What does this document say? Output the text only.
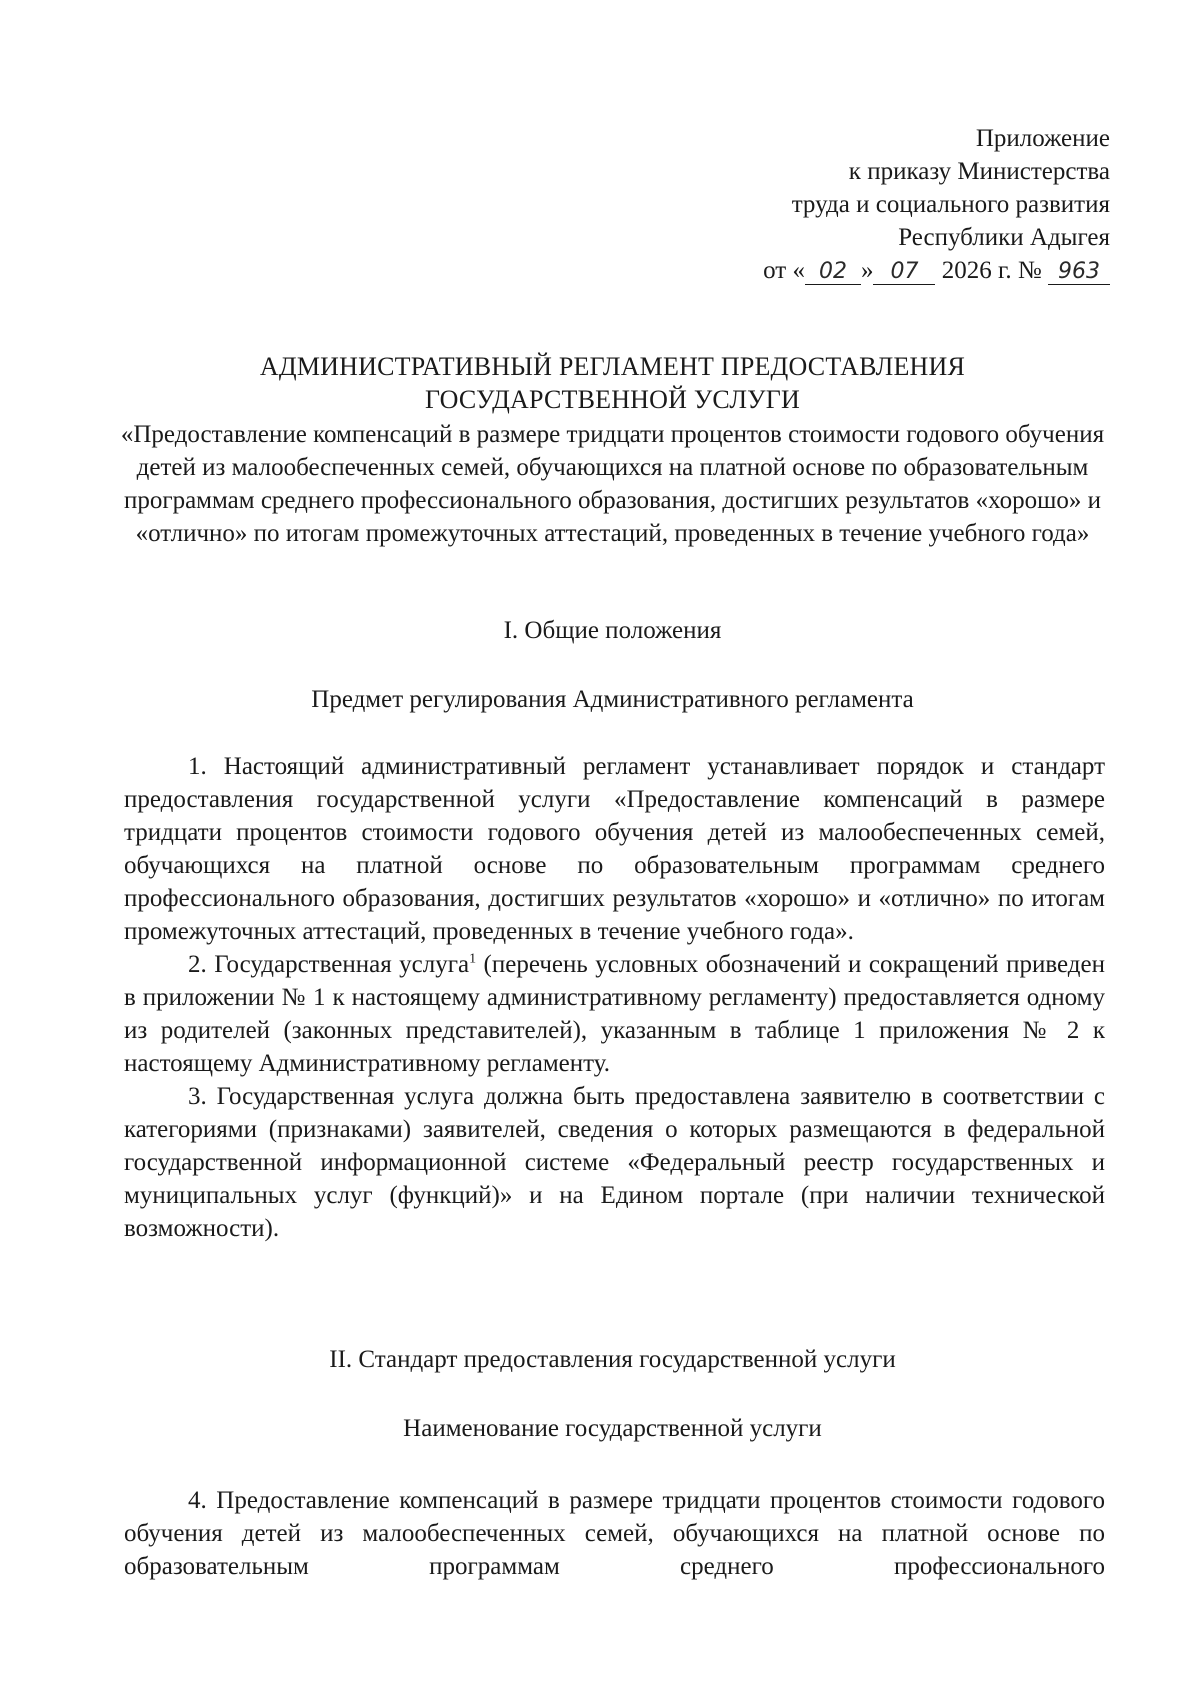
Приложение
к приказу Министерства
труда и социального развития
Республики Адыгея
от « 02 » 07 2026 г. № 963
АДМИНИСТРАТИВНЫЙ РЕГЛАМЕНТ ПРЕДОСТАВЛЕНИЯ
ГОСУДАРСТВЕННОЙ УСЛУГИ
«Предоставление компенсаций в размере тридцати процентов стоимости годового обучения детей из малообеспеченных семей, обучающихся на платной основе по образовательным программам среднего профессионального образования, достигших результатов «хорошо» и «отлично» по итогам промежуточных аттестаций, проведенных в течение учебного года»
I. Общие положения
Предмет регулирования Административного регламента

1. Настоящий административный регламент устанавливает порядок и стандарт предоставления государственной услуги «Предоставление компенсаций в размере тридцати процентов стоимости годового обучения детей из малообеспеченных семей, обучающихся на платной основе по образовательным программам среднего профессионального образования, достигших результатов «хорошо» и «отлично» по итогам промежуточных аттестаций, проведенных в течение учебного года».

2. Государственная услуга$^1$ (перечень условных обозначений и сокращений приведен в приложении № 1 к настоящему административному регламенту) предоставляется одному из родителей (законных представителей), указанным в таблице 1 приложения № 2 к настоящему Административному регламенту.

3. Государственная услуга должна быть предоставлена заявителю в соответствии с категориями (признаками) заявителей, сведения о которых размещаются в федеральной государственной информационной системе «Федеральный реестр государственных и муниципальных услуг (функций)» и на Едином портале (при наличии технической возможности).

II. Стандарт предоставления государственной услуги
Наименование государственной услуги

4. Предоставление компенсаций в размере тридцати процентов стоимости годового обучения детей из малообеспеченных семей, обучающихся на платной основе по образовательным программам среднего профессионального
